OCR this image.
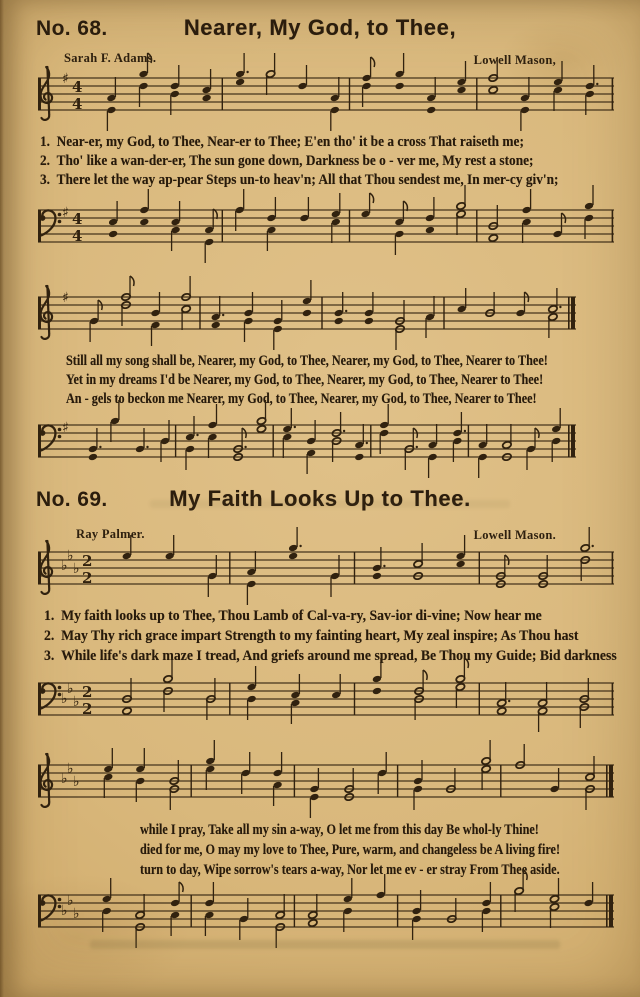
No. 68.	Nearer, My God, to Thee,
Sarah F. Adams.	Lowell Mason,
♯ 4
4
1. Near-er, my God, to Thee, Near-er to Thee; E'en tho' it be a cross That raiseth me;
2. Tho' like a wan-der-er, The sun gone down, Darkness be o - ver me, My rest a stone;
3. There let the way ap-pear Steps un-to heav'n; All that Thou sendest me, In mer-cy giv'n;
♯ 4
4
♯
Still all my song shall be, Nearer, my God, to Thee, Nearer, my God, to Thee, Nearer to Thee!
Yet in my dreams I'd be Nearer, my God, to Thee, Nearer, my God, to Thee, Nearer to Thee!
An - gels to beckon me Nearer, my God, to Thee, Nearer, my God, to Thee, Nearer to Thee!
♯
No. 69.	My Faith Looks Up to Thee.
Ray Palmer.	Lowell Mason.
♭
♭
♭ 2
2
1. My faith looks up to Thee, Thou Lamb of Cal-va-ry, Sav-ior di-vine; Now hear me
2. May Thy rich grace impart Strength to my fainting heart, My zeal inspire; As Thou hast
3. While life's dark maze I tread, And griefs around me spread, Be Thou my Guide; Bid darkness
♭
♭
♭
2
2
♭
♭
♭
while I pray, Take all my sin a-way, O let me from this day Be whol-ly Thine!
died for me, O may my love to Thee, Pure, warm, and changeless be A living fire!
turn to day, Wipe sorrow's tears a-way, Nor let me ev - er stray From Thee aside.
♭
♭
♭
